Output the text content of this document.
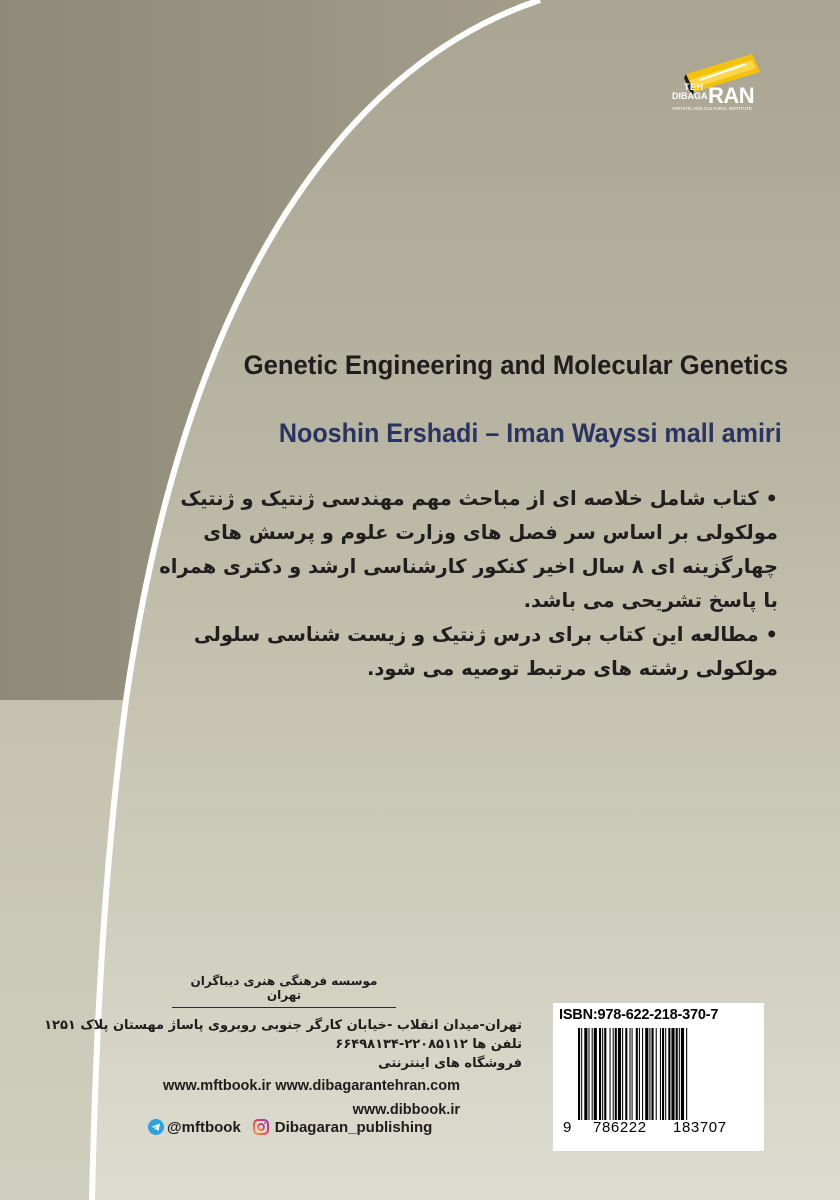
TEH
DIBAGA RAN
ARTISTIC AND CULTURAL INSTITUTE
Genetic Engineering and Molecular Genetics
Nooshin Ershadi – Iman Wayssi mall amiri

• کتاب شامل خلاصه ای از مباحث مهم مهندسی ژنتیک و ژنتیک مولکولی بر اساس سر فصل های وزارت علوم و پرسش های چهارگزینه ای ۸ سال اخیر کنکور کارشناسی ارشد و دکتری همراه با پاسخ تشریحی می باشد.

• مطالعه این کتاب برای درس ژنتیک و زیست شناسی سلولی مولکولی رشته های مرتبط توصیه می شود.

موسسه فرهنگی هنری دیباگران تهران
تهران-میدان انقلاب -خیابان کارگر جنوبی روبروی پاساژ مهستان پلاک ۱۲۵۱
تلفن ها ۲۲۰۸۵۱۱۲-۶۶۴۹۸۱۳۴
فروشگاه های اینترنتی
www.mftbook.ir www.dibagarantehran.com
www.dibbook.ir
@mftbook Dibagaran_publishing
ISBN:978-622-218-370-7
9 786222 183707
